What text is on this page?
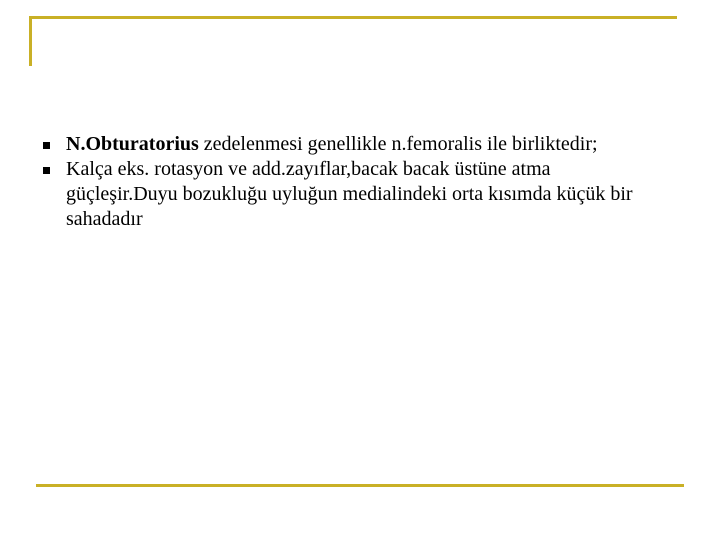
N.Obturatorius zedelenmesi genellikle n.femoralis ile birliktedir;
Kalça eks. rotasyon ve add.zayıflar,bacak bacak üstüne atma güçleşir.Duyu bozukluğu uyluğun medialindeki orta kısımda küçük bir sahadadır
